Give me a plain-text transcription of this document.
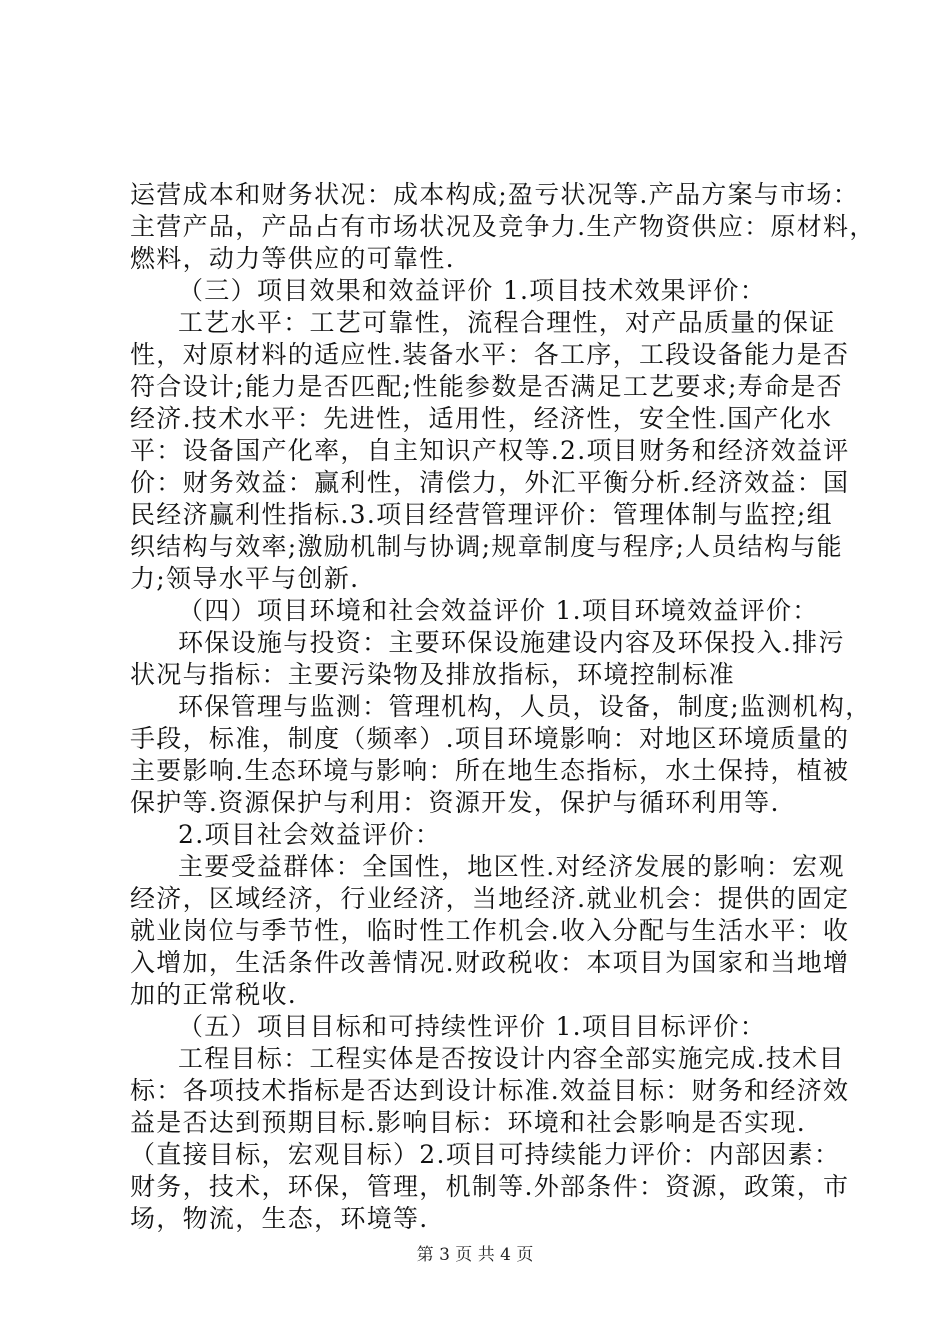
运营成本和财务状况：成本构成;盈亏状况等.产品方案与市场：
主营产品，产品占有市场状况及竞争力.生产物资供应：原材料，
燃料，动力等供应的可靠性.
（三）项目效果和效益评价 1.项目技术效果评价：
工艺水平：工艺可靠性，流程合理性，对产品质量的保证
性，对原材料的适应性.装备水平：各工序，工段设备能力是否
符合设计;能力是否匹配;性能参数是否满足工艺要求;寿命是否
经济.技术水平：先进性，适用性，经济性，安全性.国产化水
平：设备国产化率，自主知识产权等.2.项目财务和经济效益评
价：财务效益：赢利性，清偿力，外汇平衡分析.经济效益：国
民经济赢利性指标.3.项目经营管理评价：管理体制与监控;组
织结构与效率;激励机制与协调;规章制度与程序;人员结构与能
力;领导水平与创新.
（四）项目环境和社会效益评价 1.项目环境效益评价：
环保设施与投资：主要环保设施建设内容及环保投入.排污
状况与指标：主要污染物及排放指标，环境控制标准
环保管理与监测：管理机构，人员，设备，制度;监测机构，
手段，标准，制度（频率）.项目环境影响：对地区环境质量的
主要影响.生态环境与影响：所在地生态指标，水土保持，植被
保护等.资源保护与利用：资源开发，保护与循环利用等.
2.项目社会效益评价：
主要受益群体：全国性，地区性.对经济发展的影响：宏观
经济，区域经济，行业经济，当地经济.就业机会：提供的固定
就业岗位与季节性，临时性工作机会.收入分配与生活水平：收
入增加，生活条件改善情况.财政税收：本项目为国家和当地增
加的正常税收.
（五）项目目标和可持续性评价 1.项目目标评价：
工程目标：工程实体是否按设计内容全部实施完成.技术目
标：各项技术指标是否达到设计标准.效益目标：财务和经济效
益是否达到预期目标.影响目标：环境和社会影响是否实现.
（直接目标，宏观目标）2.项目可持续能力评价：内部因素：
财务，技术，环保，管理，机制等.外部条件：资源，政策，市
场，物流，生态，环境等.
第 3 页 共 4 页
